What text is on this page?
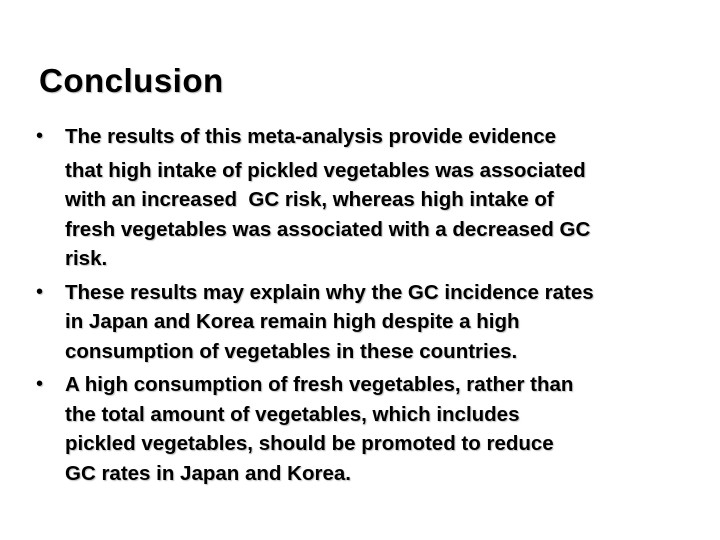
Conclusion
• The results of this meta-analysis provide evidence
that high intake of pickled vegetables was associated
with an increased  GC risk, whereas high intake of
fresh vegetables was associated with a decreased GC
risk.
• These results may explain why the GC incidence rates
in Japan and Korea remain high despite a high
consumption of vegetables in these countries.
• A high consumption of fresh vegetables, rather than
the total amount of vegetables, which includes
pickled vegetables, should be promoted to reduce
GC rates in Japan and Korea.
